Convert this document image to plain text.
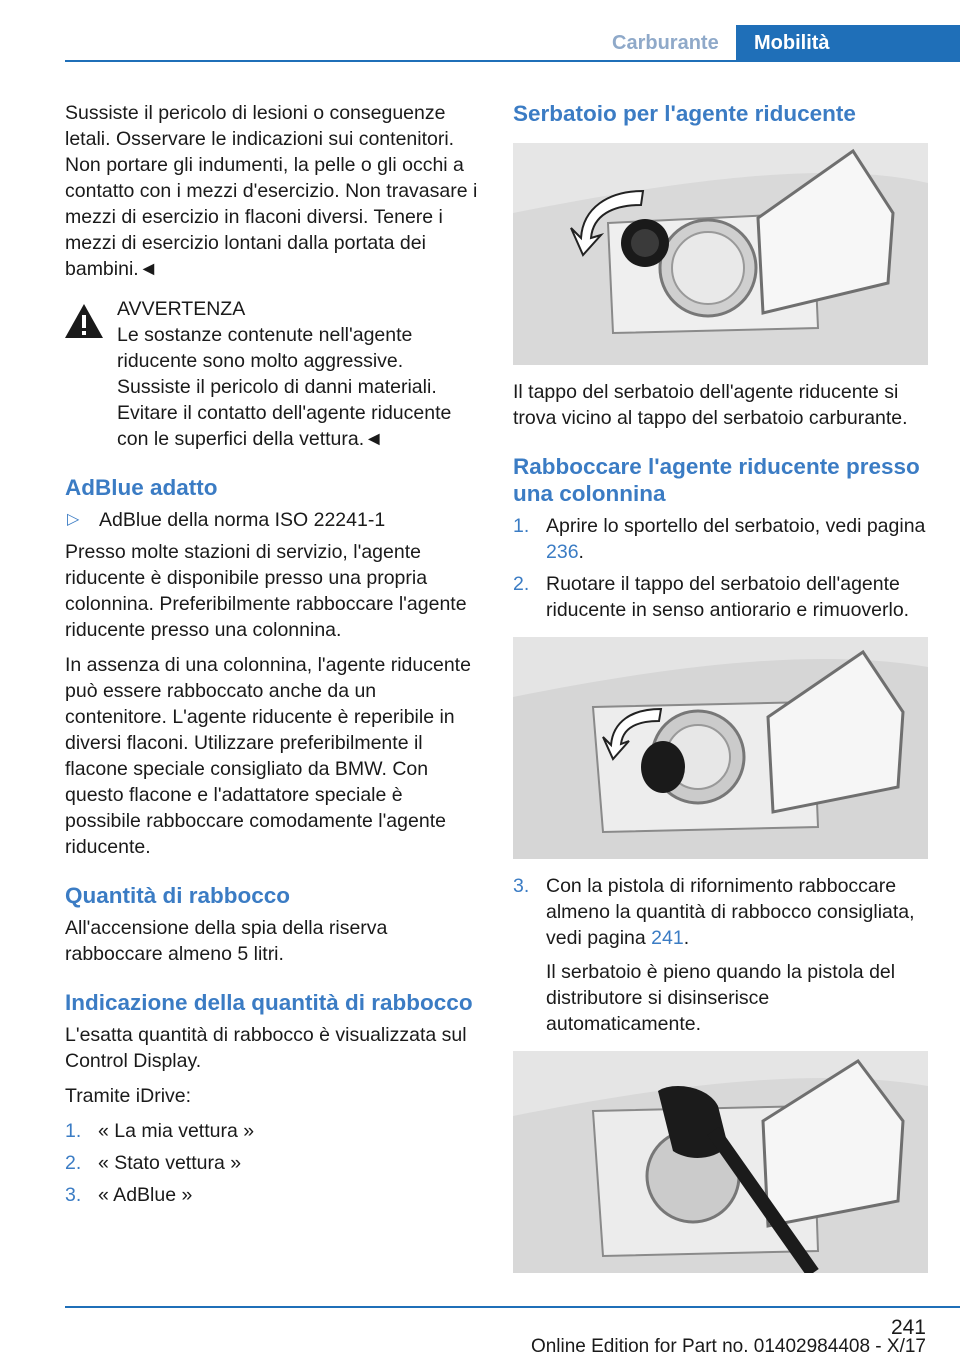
Carburante	Mobilità

Sussiste il pericolo di lesioni o conseguenze letali. Osservare le indicazioni sui contenitori. Non portare gli indumenti, la pelle o gli occhi a contatto con i mezzi d'esercizio. Non travasare i mezzi di esercizio in flaconi diversi. Tenere i mezzi di esercizio lontani dalla portata dei bambini.◄

AVVERTENZA
Le sostanze contenute nell'agente riducente sono molto aggressive. Sussiste il pericolo di danni materiali. Evitare il contatto dell'agente riducente con le superfici della vettura.◄
AdBlue adatto
▷ AdBlue della norma ISO 22241-1

Presso molte stazioni di servizio, l'agente riducente è disponibile presso una propria colonnina. Preferibilmente rabboccare l'agente riducente presso una colonnina.

In assenza di una colonnina, l'agente riducente può essere rabboccato anche da un contenitore. L'agente riducente è reperibile in diversi flaconi. Utilizzare preferibilmente il flacone speciale consigliato da BMW. Con questo flacone e l'adattatore speciale è possibile rabboccare comodamente l'agente riducente.

Quantità di rabbocco

All'accensione della spia della riserva rabboccare almeno 5 litri.

Indicazione della quantità di rabbocco

L'esatta quantità di rabbocco è visualizzata sul Control Display.

Tramite iDrive:

1. « La mia vettura »
2. « Stato vettura »
3. « AdBlue »
Serbatoio per l'agente riducente

Il tappo del serbatoio dell'agente riducente si trova vicino al tappo del serbatoio carburante.

Rabboccare l'agente riducente presso una colonnina
1. Aprire lo sportello del serbatoio, vedi pagina 236.
2. Ruotare il tappo del serbatoio dell'agente riducente in senso antiorario e rimuoverlo.
3. Con la pistola di rifornimento rabboccare almeno la quantità di rabbocco consigliata, vedi pagina 241.

Il serbatoio è pieno quando la pistola del distributore si disinserisce automaticamente.

241
Online Edition for Part no. 01402984408 - X/17
